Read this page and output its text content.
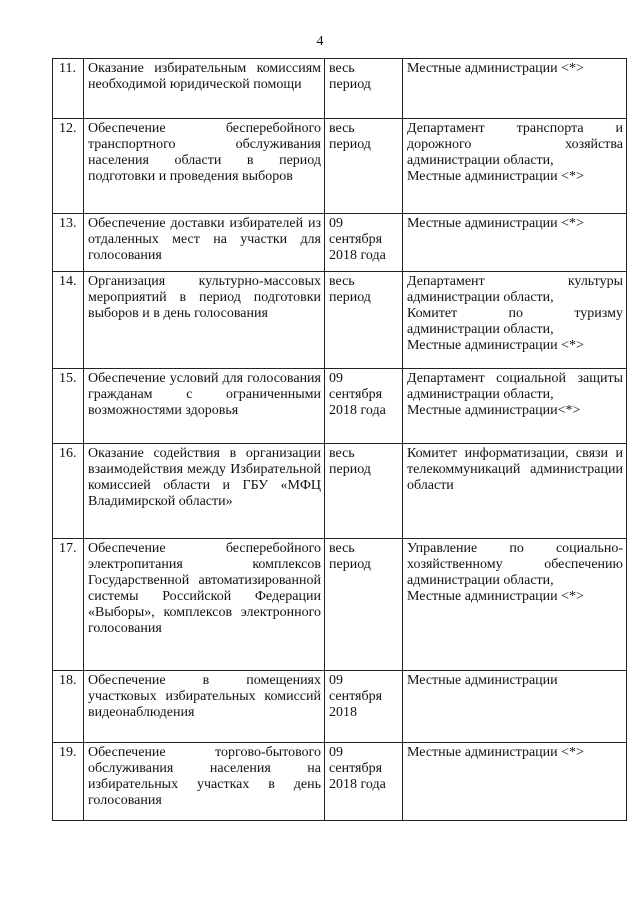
4
11.	Оказание избирательным комиссиям необходимой юридической помощи	весь период	Местные администрации <*>
12.	Обеспечение бесперебойного транспортного обслуживания населения области в период подготовки и проведения выборов	весь период	Департамент транспорта и дорожного хозяйства администрации области,
Местные администрации <*>
13.	Обеспечение доставки избирателей из отдаленных мест на участки для голосования	09 сентября 2018 года	Местные администрации <*>
14.	Организация культурно-массовых мероприятий в период подготовки выборов и в день голосования	весь период	Департамент культуры администрации области,
Комитет по туризму администрации области,
Местные администрации <*>
15.	Обеспечение условий для голосования гражданам с ограниченными возможностями здоровья	09 сентября 2018 года	Департамент социальной защиты администрации области,
Местные администрации<*>
16.	Оказание содействия в организации взаимодействия между Избирательной комиссией области и ГБУ «МФЦ Владимирской области»	весь период	Комитет информатизации, связи и телекоммуникаций администрации области
17.	Обеспечение бесперебойного электропитания комплексов Государственной автоматизированной системы Российской Федерации «Выборы», комплексов электронного голосования	весь период	Управление по социально-хозяйственному обеспечению администрации области,
Местные администрации <*>
18.	Обеспечение в помещениях участковых избирательных комиссий видеонаблюдения	09 сентября 2018	Местные администрации
19.	Обеспечение торгово-бытового обслуживания населения на избирательных участках в день голосования	09 сентября 2018 года	Местные администрации <*>
